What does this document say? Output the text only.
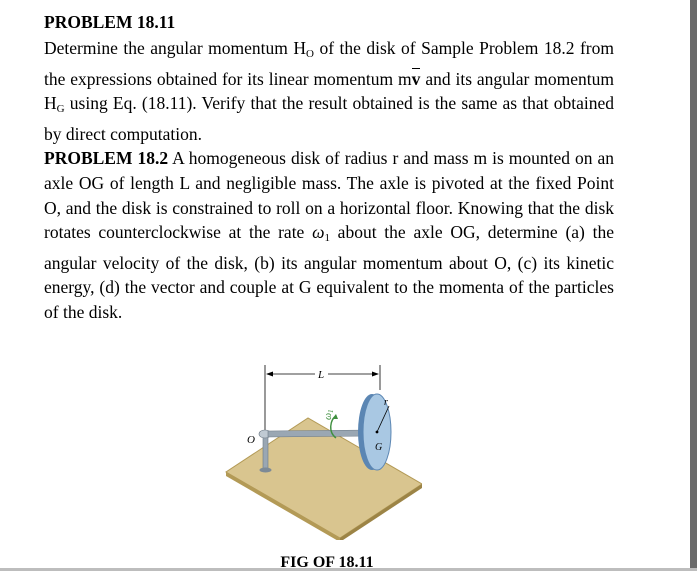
PROBLEM 18.11

Determine the angular momentum $H_O$ of the disk of Sample Problem 18.2 from the expressions obtained for its linear momentum mv and its angular momentum $H_G$ using Eq. (18.11). Verify that the result obtained is the same as that obtained by direct computation.

PROBLEM 18.2 A homogeneous disk of radius r and mass m is mounted on an axle OG of length L and negligible mass. The axle is pivoted at the fixed Point O, and the disk is constrained to roll on a horizontal floor. Knowing that the disk rotates counterclockwise at the rate $\omega_1$ about the axle OG, determine (a) the angular velocity of the disk, (b) its angular momentum about O, (c) its kinetic energy, (d) the vector and couple at G equivalent to the momenta of the particles of the disk.

L
r
G
O
$\omega_1$
FIG OF 18.11
